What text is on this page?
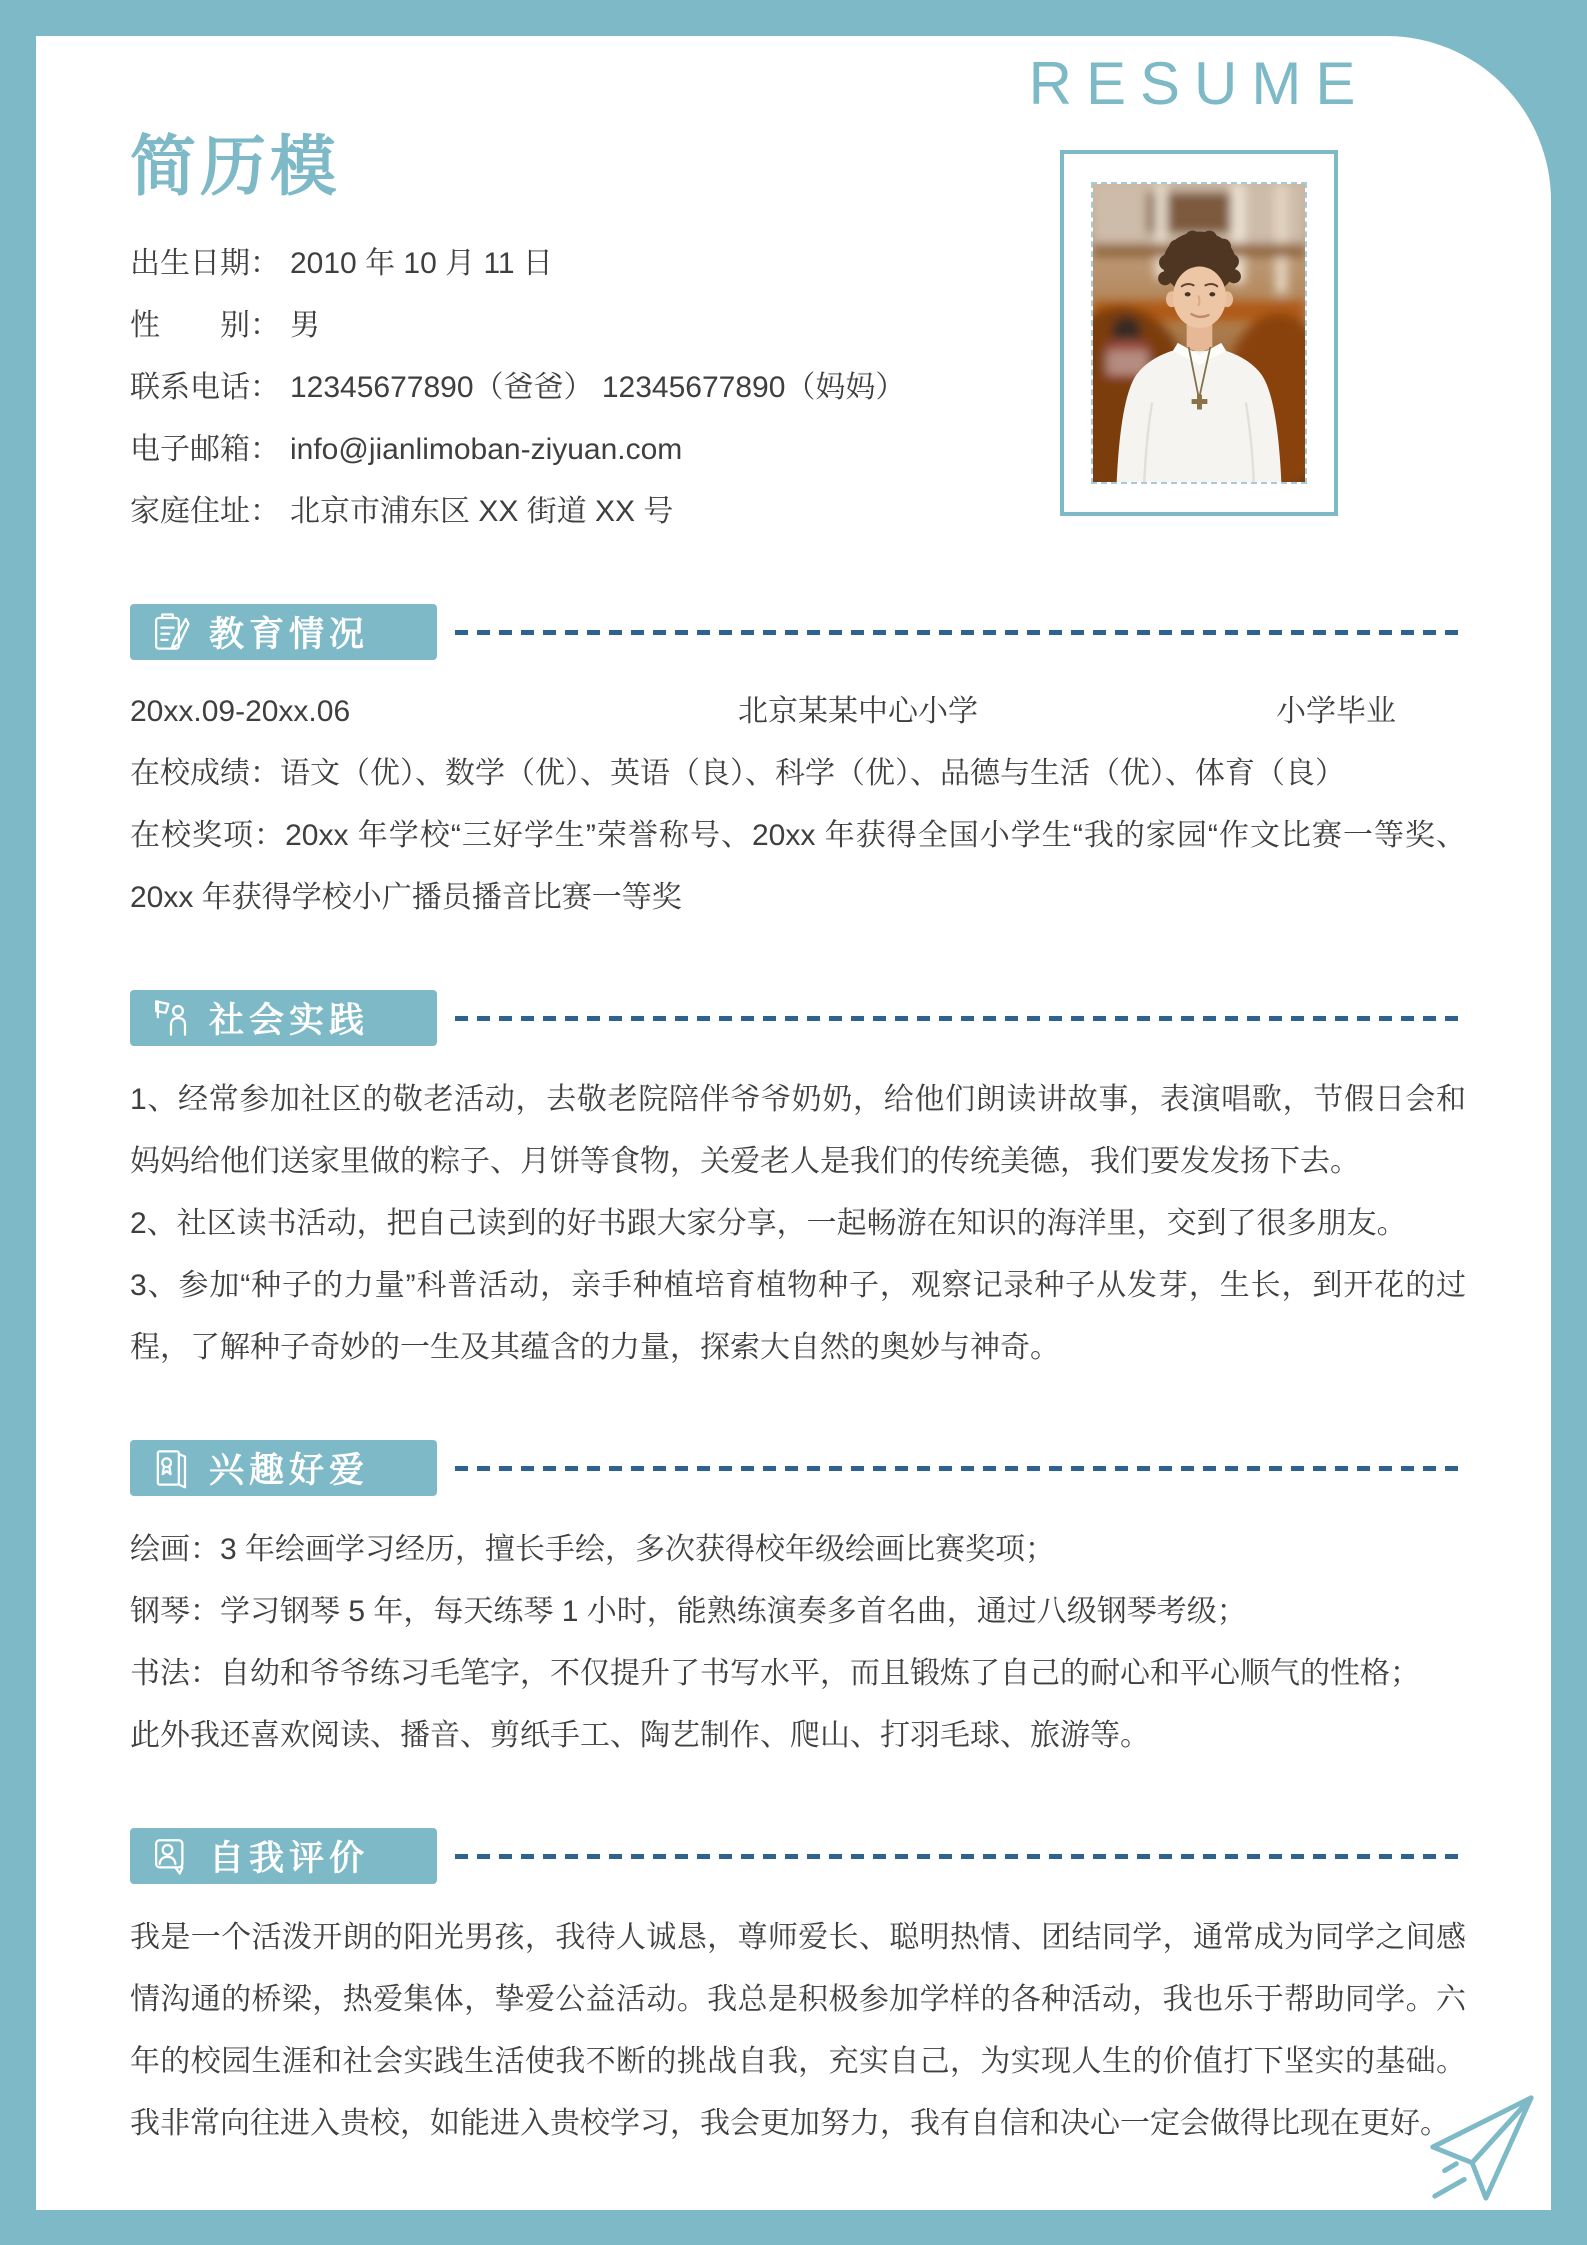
RESUME
简历模
出生日期： 2010 年 10 月 11 日
性　　别： 男
联系电话： 12345677890（爸爸） 12345677890（妈妈）
电子邮箱： info@jianlimoban-ziyuan.com
家庭住址： 北京市浦东区 XX 街道 XX 号
教育情况
20xx.09-20xx.06	北京某某中心小学	小学毕业

在校成绩：语文（优）、数学（优）、英语（良）、科学（优）、品德与生活（优）、体育（良）

在校奖项：20xx 年学校“三好学生”荣誉称号、20xx 年获得全国小学生“我的家园“作文比赛一等奖、20xx 年获得学校小广播员播音比赛一等奖

社会实践

1、经常参加社区的敬老活动，去敬老院陪伴爷爷奶奶，给他们朗读讲故事，表演唱歌，节假日会和妈妈给他们送家里做的粽子、月饼等食物，关爱老人是我们的传统美德，我们要发发扬下去。

2、社区读书活动，把自己读到的好书跟大家分享，一起畅游在知识的海洋里，交到了很多朋友。

3、参加“种子的力量”科普活动，亲手种植培育植物种子，观察记录种子从发芽，生长，到开花的过程，了解种子奇妙的一生及其蕴含的力量，探索大自然的奥妙与神奇。

兴趣好爱

绘画：3 年绘画学习经历，擅长手绘，多次获得校年级绘画比赛奖项；

钢琴：学习钢琴 5 年，每天练琴 1 小时，能熟练演奏多首名曲，通过八级钢琴考级；

书法：自幼和爷爷练习毛笔字，不仅提升了书写水平，而且锻炼了自己的耐心和平心顺气的性格；

此外我还喜欢阅读、播音、剪纸手工、陶艺制作、爬山、打羽毛球、旅游等。

自我评价

我是一个活泼开朗的阳光男孩，我待人诚恳，尊师爱长、聪明热情、团结同学，通常成为同学之间感情沟通的桥梁，热爱集体，挚爱公益活动。我总是积极参加学样的各种活动，我也乐于帮助同学。六年的校园生涯和社会实践生活使我不断的挑战自我，充实自己，为实现人生的价值打下坚实的基础。我非常向往进入贵校，如能进入贵校学习，我会更加努力，我有自信和决心一定会做得比现在更好。
